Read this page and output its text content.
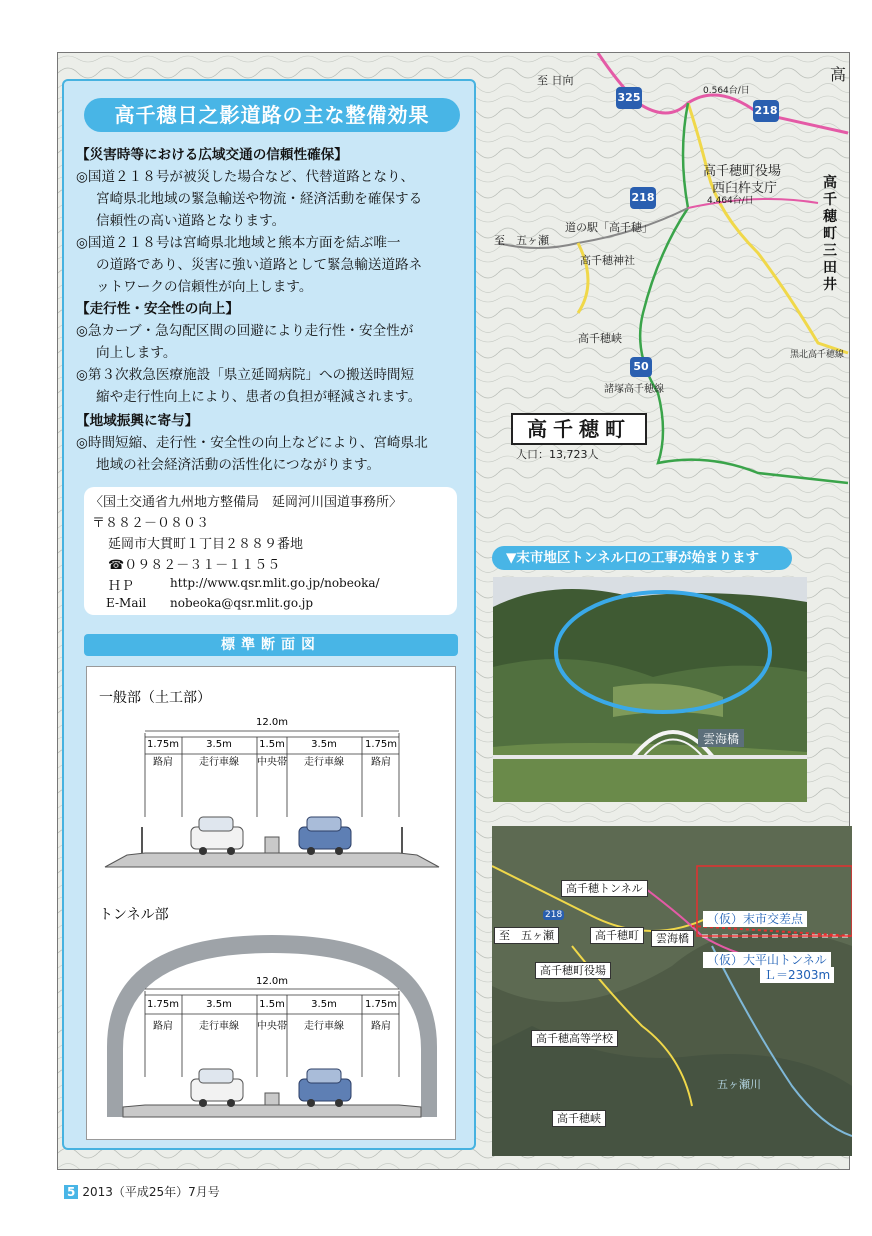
至 日向	高
325
218
218
50
0.564台/日
4.464台/日
高千穂町役場
西臼杵支庁
道の駅「高千穂」
至　五ヶ瀬
高千穂神社
高千穂峡
黒北高千穂線
諸塚高千穂線
高千穂町三田井
高千穂町
人口：13,723人
高千穂日之影道路の主な整備効果
【災害時等における広域交通の信頼性確保】
◎国道２１８号が被災した場合など、代替道路となり、
宮崎県北地域の緊急輸送や物流・経済活動を確保する
信頼性の高い道路となります。
◎国道２１８号は宮崎県北地域と熊本方面を結ぶ唯一
の道路であり、災害に強い道路として緊急輸送道路ネ
ットワークの信頼性が向上します。
【走行性・安全性の向上】
◎急カーブ・急勾配区間の回避により走行性・安全性が
向上します。
◎第３次救急医療施設「県立延岡病院」への搬送時間短
縮や走行性向上により、患者の負担が軽減されます。
【地域振興に寄与】
◎時間短縮、走行性・安全性の向上などにより、宮崎県北
地域の社会経済活動の活性化につながります。
〈国土交通省九州地方整備局　延岡河川国道事務所〉
〒８８２－０８０３
延岡市大貫町１丁目２８８９番地
☎０９８２－３１－１１５５
ＨＰ	http://www.qsr.mlit.go.jp/nobeoka/
E-Mail nobeoka@qsr.mlit.go.jp
標準断面図
一般部（土工部）
12.0m
1.75m	3.5m	1.5m	3.5m	1.75m
路肩	走行車線 中央帯 走行車線	路肩
トンネル部
12.0m
1.75m	3.5m	1.5m	3.5m	1.75m
路肩	走行車線 中央帯 走行車線	路肩
▼末市地区トンネル口の工事が始まります
雲海橋
高千穂トンネル
高千穂町	雲海橋
至　五ヶ瀬
高千穂町役場
高千穂高等学校
高千穂峡
（仮）末市交差点
（仮）大平山トンネル
Ｌ＝2303m
五ヶ瀬川
218
5 2013（平成25年）7月号
